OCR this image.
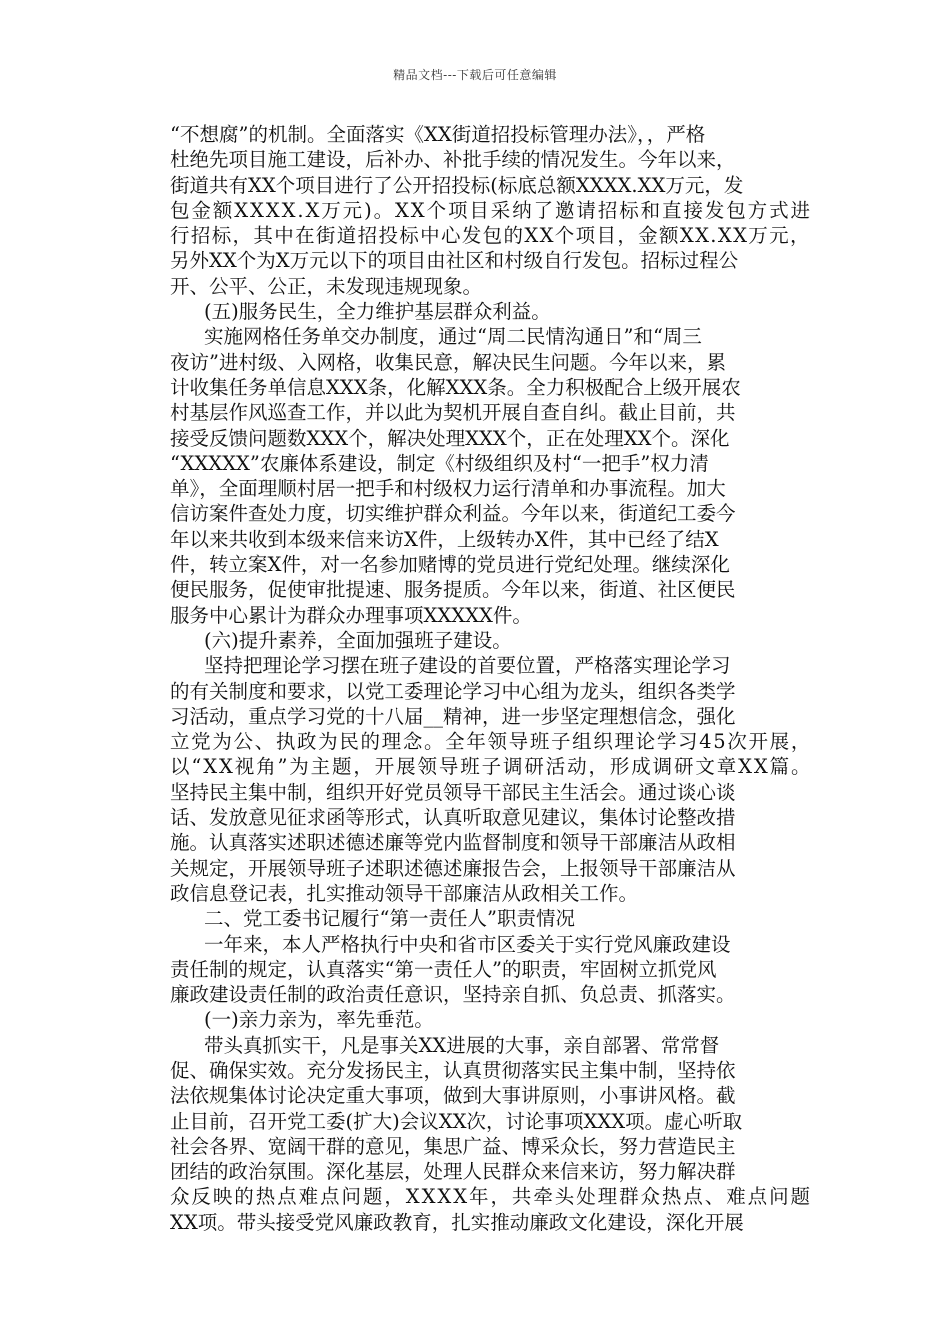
精品文档---下载后可任意编辑
“不想腐”的机制。全面落实《XX街道招投标管理办法》，，严格
杜绝先项目施工建设，后补办、补批手续的情况发生。今年以来，
街道共有XX个项目进行了公开招投标(标底总额XXXX.XX万元，发
包金额XXXX.X万元)。XX个项目采纳了邀请招标和直接发包方式进
行招标，其中在街道招投标中心发包的XX个项目，金额XX.XX万元，
另外XX个为X万元以下的项目由社区和村级自行发包。招标过程公
开、公平、公正，未发现违规现象。
(五)服务民生，全力维护基层群众利益。
实施网格任务单交办制度，通过“周二民情沟通日”和“周三
夜访”进村级、入网格，收集民意，解决民生问题。今年以来，累
计收集任务单信息XXX条，化解XXX条。全力积极配合上级开展农
村基层作风巡查工作，并以此为契机开展自查自纠。截止目前，共
接受反馈问题数XXX个，解决处理XXX个，正在处理XX个。深化
“XXXXX”农廉体系建设，制定《村级组织及村“一把手”权力清
单》，全面理顺村居一把手和村级权力运行清单和办事流程。加大
信访案件查处力度，切实维护群众利益。今年以来，街道纪工委今
年以来共收到本级来信来访X件，上级转办X件，其中已经了结X
件，转立案X件，对一名参加赌博的党员进行党纪处理。继续深化
便民服务，促使审批提速、服务提质。今年以来，街道、社区便民
服务中心累计为群众办理事项XXXXX件。
(六)提升素养，全面加强班子建设。
坚持把理论学习摆在班子建设的首要位置，严格落实理论学习
的有关制度和要求，以党工委理论学习中心组为龙头，组织各类学
习活动，重点学习党的十八届__精神，进一步坚定理想信念，强化
立党为公、执政为民的理念。全年领导班子组织理论学习45次开展，
以“XX视角”为主题，开展领导班子调研活动，形成调研文章XX篇。
坚持民主集中制，组织开好党员领导干部民主生活会。通过谈心谈
话、发放意见征求函等形式，认真听取意见建议，集体讨论整改措
施。认真落实述职述德述廉等党内监督制度和领导干部廉洁从政相
关规定，开展领导班子述职述德述廉报告会，上报领导干部廉洁从
政信息登记表，扎实推动领导干部廉洁从政相关工作。
二、党工委书记履行“第一责任人”职责情况
一年来，本人严格执行中央和省市区委关于实行党风廉政建设
责任制的规定，认真落实“第一责任人”的职责，牢固树立抓党风
廉政建设责任制的政治责任意识，坚持亲自抓、负总责、抓落实。
(一)亲力亲为，率先垂范。
带头真抓实干，凡是事关XX进展的大事，亲自部署、常常督
促、确保实效。充分发扬民主，认真贯彻落实民主集中制，坚持依
法依规集体讨论决定重大事项，做到大事讲原则，小事讲风格。截
止目前，召开党工委(扩大)会议XX次，讨论事项XXX项。虚心听取
社会各界、宽阔干群的意见，集思广益、博采众长，努力营造民主
团结的政治氛围。深化基层，处理人民群众来信来访，努力解决群
众反映的热点难点问题，XXXX年，共牵头处理群众热点、难点问题
XX项。带头接受党风廉政教育，扎实推动廉政文化建设，深化开展
